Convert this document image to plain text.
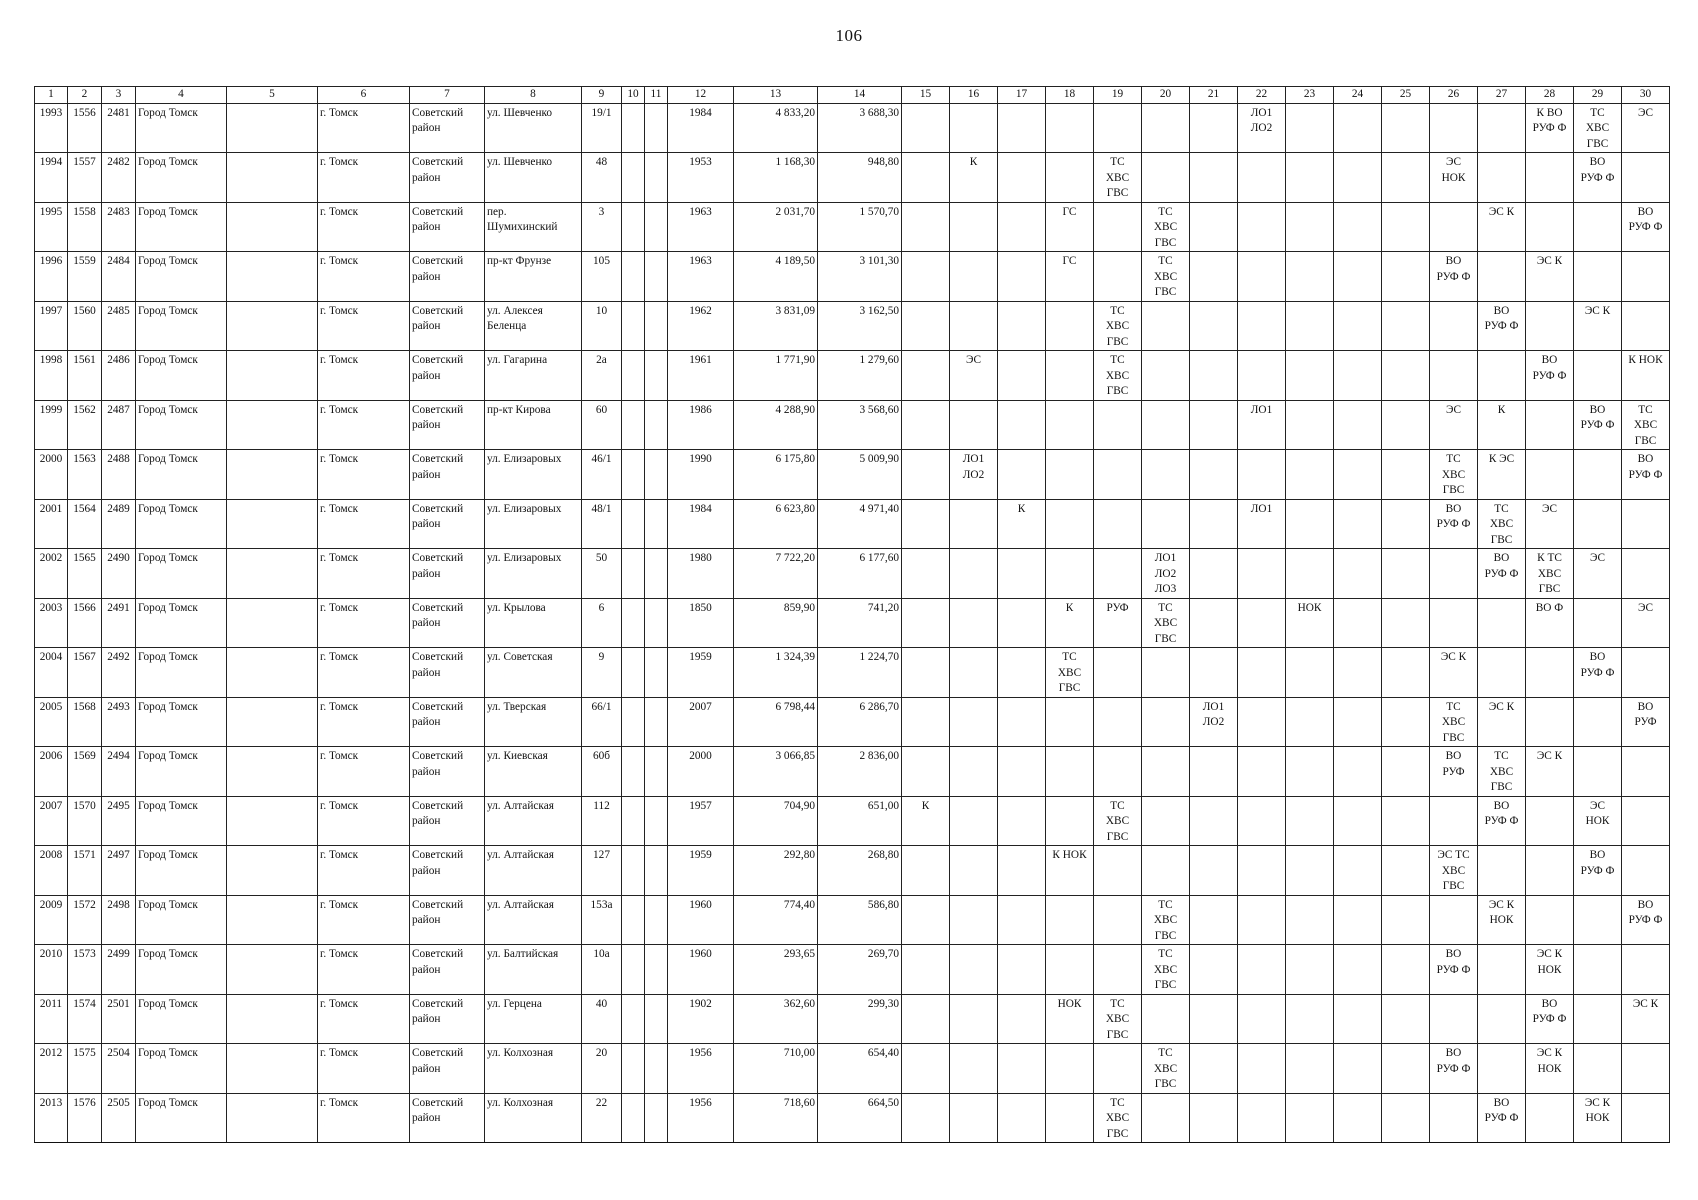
106
1	2	3	4	5	6	7	8	9	10	11	12	13	14	15	16	17	18	19	20	21	22	23	24	25	26	27	28	29	30
1993	1556	2481	Город Томск		г. Томск	Советский
район	ул. Шевченко	19/1			1984	4 833,20	3 688,30								ЛО1
ЛО2						К ВО
РУФ Ф	ТС
ХВС
ГВС	ЭС
1994	1557	2482	Город Томск		г. Томск	Советский
район	ул. Шевченко	48			1953	1 168,30	948,80		К			ТС
ХВС
ГВС							ЭС
НОК			ВО
РУФ Ф	
1995	1558	2483	Город Томск		г. Томск	Советский
район	пер.
Шумихинский	3			1963	2 031,70	1 570,70				ГС		ТС
ХВС
ГВС							ЭС К			ВО
РУФ Ф
1996	1559	2484	Город Томск		г. Томск	Советский
район	пр-кт Фрунзе	105			1963	4 189,50	3 101,30				ГС		ТС
ХВС
ГВС						ВО
РУФ Ф		ЭС К		
1997	1560	2485	Город Томск		г. Томск	Советский
район	ул. Алексея
Беленца	10			1962	3 831,09	3 162,50					ТС
ХВС
ГВС								ВО
РУФ Ф		ЭС К	
1998	1561	2486	Город Томск		г. Томск	Советский
район	ул. Гагарина	2а			1961	1 771,90	1 279,60		ЭС			ТС
ХВС
ГВС									ВО
РУФ Ф		К НОК
1999	1562	2487	Город Томск		г. Томск	Советский
район	пр-кт Кирова	60			1986	4 288,90	3 568,60								ЛО1				ЭС	К		ВО
РУФ Ф	ТС
ХВС
ГВС
2000	1563	2488	Город Томск		г. Томск	Советский
район	ул. Елизаровых	46/1			1990	6 175,80	5 009,90		ЛО1
ЛО2										ТС
ХВС
ГВС	К ЭС			ВО
РУФ Ф
2001	1564	2489	Город Томск		г. Томск	Советский
район	ул. Елизаровых	48/1			1984	6 623,80	4 971,40			К					ЛО1				ВО
РУФ Ф	ТС
ХВС
ГВС	ЭС		
2002	1565	2490	Город Томск		г. Томск	Советский
район	ул. Елизаровых	50			1980	7 722,20	6 177,60						ЛО1
ЛО2
ЛО3							ВО
РУФ Ф	К ТС
ХВС
ГВС	ЭС	
2003	1566	2491	Город Томск		г. Томск	Советский
район	ул. Крылова	6			1850	859,90	741,20				К	РУФ	ТС
ХВС
ГВС			НОК					ВО Ф		ЭС
2004	1567	2492	Город Томск		г. Томск	Советский
район	ул. Советская	9			1959	1 324,39	1 224,70				ТС
ХВС
ГВС								ЭС К			ВО
РУФ Ф	
2005	1568	2493	Город Томск		г. Томск	Советский
район	ул. Тверская	66/1			2007	6 798,44	6 286,70							ЛО1
ЛО2					ТС
ХВС
ГВС	ЭС К			ВО
РУФ
2006	1569	2494	Город Томск		г. Томск	Советский
район	ул. Киевская	60б			2000	3 066,85	2 836,00												ВО
РУФ	ТС
ХВС
ГВС	ЭС К		
2007	1570	2495	Город Томск		г. Томск	Советский
район	ул. Алтайская	112			1957	704,90	651,00	К				ТС
ХВС
ГВС								ВО
РУФ Ф		ЭС
НОК	
2008	1571	2497	Город Томск		г. Томск	Советский
район	ул. Алтайская	127			1959	292,80	268,80				К НОК								ЭС ТС
ХВС
ГВС			ВО
РУФ Ф	
2009	1572	2498	Город Томск		г. Томск	Советский
район	ул. Алтайская	153а			1960	774,40	586,80						ТС
ХВС
ГВС							ЭС К
НОК			ВО
РУФ Ф
2010	1573	2499	Город Томск		г. Томск	Советский
район	ул. Балтийская	10а			1960	293,65	269,70						ТС
ХВС
ГВС						ВО
РУФ Ф		ЭС К
НОК		
2011	1574	2501	Город Томск		г. Томск	Советский
район	ул. Герцена	40			1902	362,60	299,30				НОК	ТС
ХВС
ГВС									ВО
РУФ Ф		ЭС К
2012	1575	2504	Город Томск		г. Томск	Советский
район	ул. Колхозная	20			1956	710,00	654,40						ТС
ХВС
ГВС						ВО
РУФ Ф		ЭС К
НОК		
2013	1576	2505	Город Томск		г. Томск	Советский
район	ул. Колхозная	22			1956	718,60	664,50					ТС
ХВС
ГВС								ВО
РУФ Ф		ЭС К
НОК	
